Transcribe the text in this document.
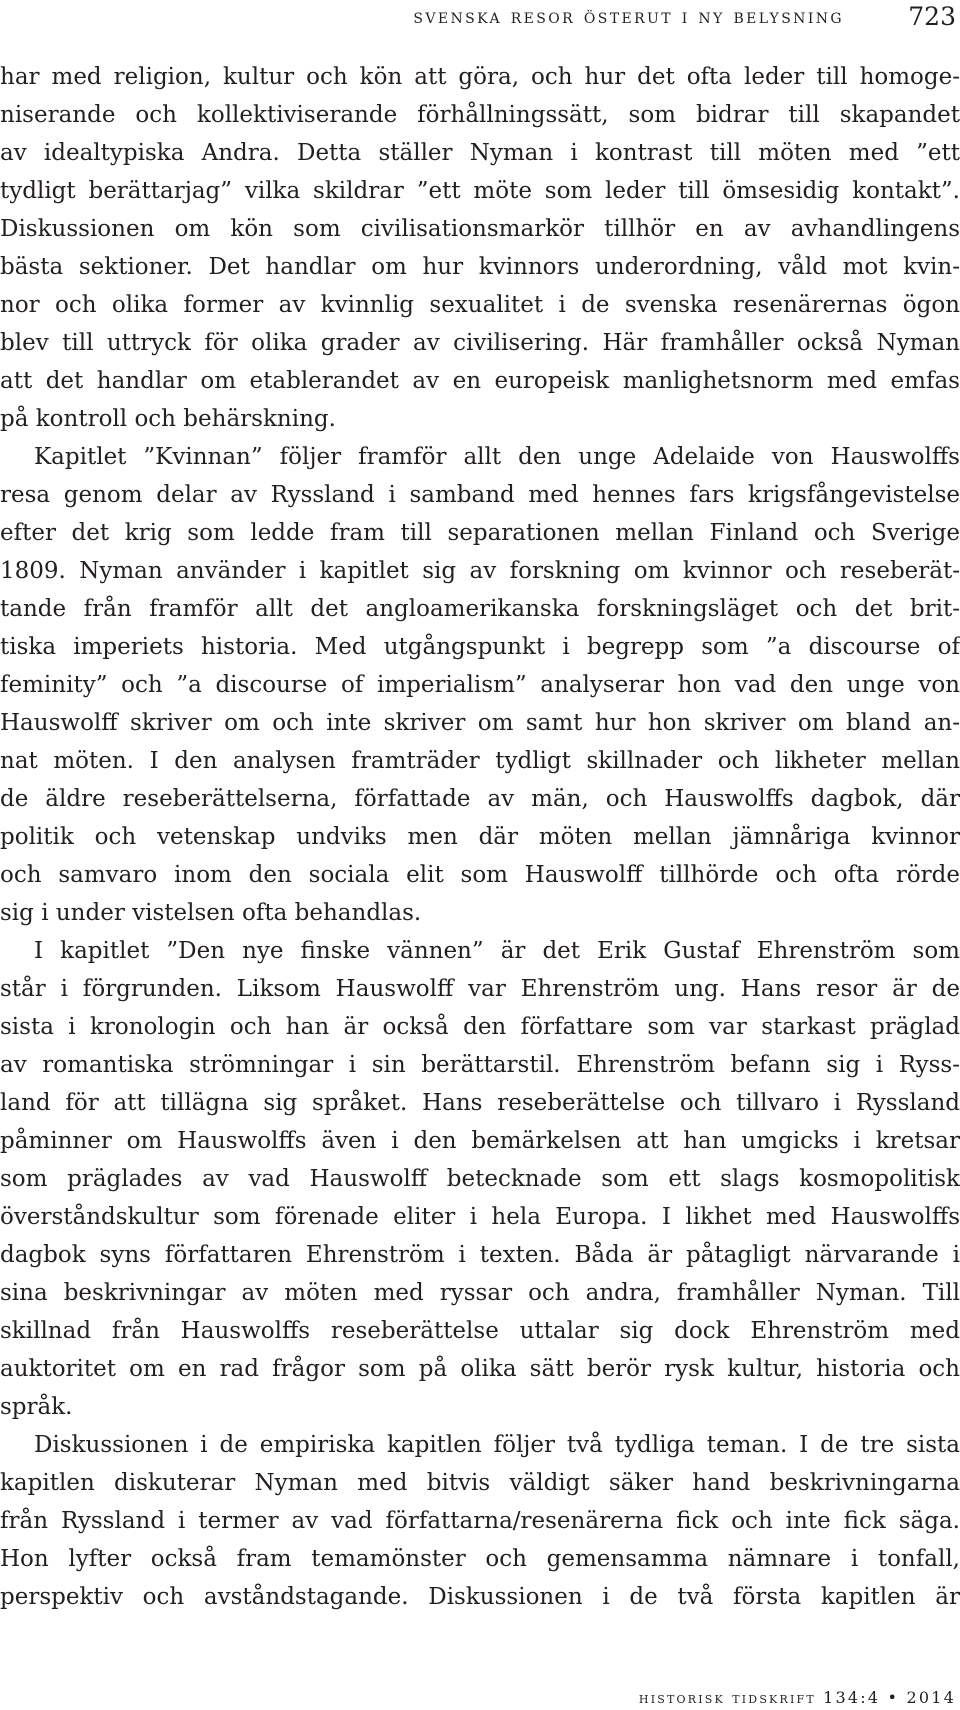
svenska resor österut i ny belysning	723
har med religion, kultur och kön att göra, och hur det ofta leder till homoge-
niserande och kollektiviserande förhållningssätt, som bidrar till skapandet
av idealtypiska Andra. Detta ställer Nyman i kontrast till möten med ”ett
tydligt berättarjag” vilka skildrar ”ett möte som leder till ömsesidig kontakt”.
Diskussionen om kön som civilisationsmarkör tillhör en av avhandlingens
bästa sektioner. Det handlar om hur kvinnors underordning, våld mot kvin-
nor och olika former av kvinnlig sexualitet i de svenska resenärernas ögon
blev till uttryck för olika grader av civilisering. Här framhåller också Nyman
att det handlar om etablerandet av en europeisk manlighetsnorm med emfas
på kontroll och behärskning.
Kapitlet ”Kvinnan” följer framför allt den unge Adelaide von Hauswolffs
resa genom delar av Ryssland i samband med hennes fars krigsfångevistelse
efter det krig som ledde fram till separationen mellan Finland och Sverige
1809. Nyman använder i kapitlet sig av forskning om kvinnor och reseberät-
tande från framför allt det angloamerikanska forskningsläget och det brit-
tiska imperiets historia. Med utgångspunkt i begrepp som ”a discourse of
feminity” och ”a discourse of imperialism” analyserar hon vad den unge von
Hauswolff skriver om och inte skriver om samt hur hon skriver om bland an-
nat möten. I den analysen framträder tydligt skillnader och likheter mellan
de äldre reseberättelserna, författade av män, och Hauswolffs dagbok, där
politik och vetenskap undviks men där möten mellan jämnåriga kvinnor
och samvaro inom den sociala elit som Hauswolff tillhörde och ofta rörde
sig i under vistelsen ofta behandlas.
I kapitlet ”Den nye finske vännen” är det Erik Gustaf Ehrenström som
står i förgrunden. Liksom Hauswolff var Ehrenström ung. Hans resor är de
sista i kronologin och han är också den författare som var starkast präglad
av romantiska strömningar i sin berättarstil. Ehrenström befann sig i Ryss-
land för att tillägna sig språket. Hans reseberättelse och tillvaro i Ryssland
påminner om Hauswolffs även i den bemärkelsen att han umgicks i kretsar
som präglades av vad Hauswolff betecknade som ett slags kosmopolitisk
överståndskultur som förenade eliter i hela Europa. I likhet med Hauswolffs
dagbok syns författaren Ehrenström i texten. Båda är påtagligt närvarande i
sina beskrivningar av möten med ryssar och andra, framhåller Nyman. Till
skillnad från Hauswolffs reseberättelse uttalar sig dock Ehrenström med
auktoritet om en rad frågor som på olika sätt berör rysk kultur, historia och
språk.
Diskussionen i de empiriska kapitlen följer två tydliga teman. I de tre sista
kapitlen diskuterar Nyman med bitvis väldigt säker hand beskrivningarna
från Ryssland i termer av vad författarna/resenärerna fick och inte fick säga.
Hon lyfter också fram temamönster och gemensamma nämnare i tonfall,
perspektiv och avståndstagande. Diskussionen i de två första kapitlen är
historisk tidskrift 134:4 • 2014
